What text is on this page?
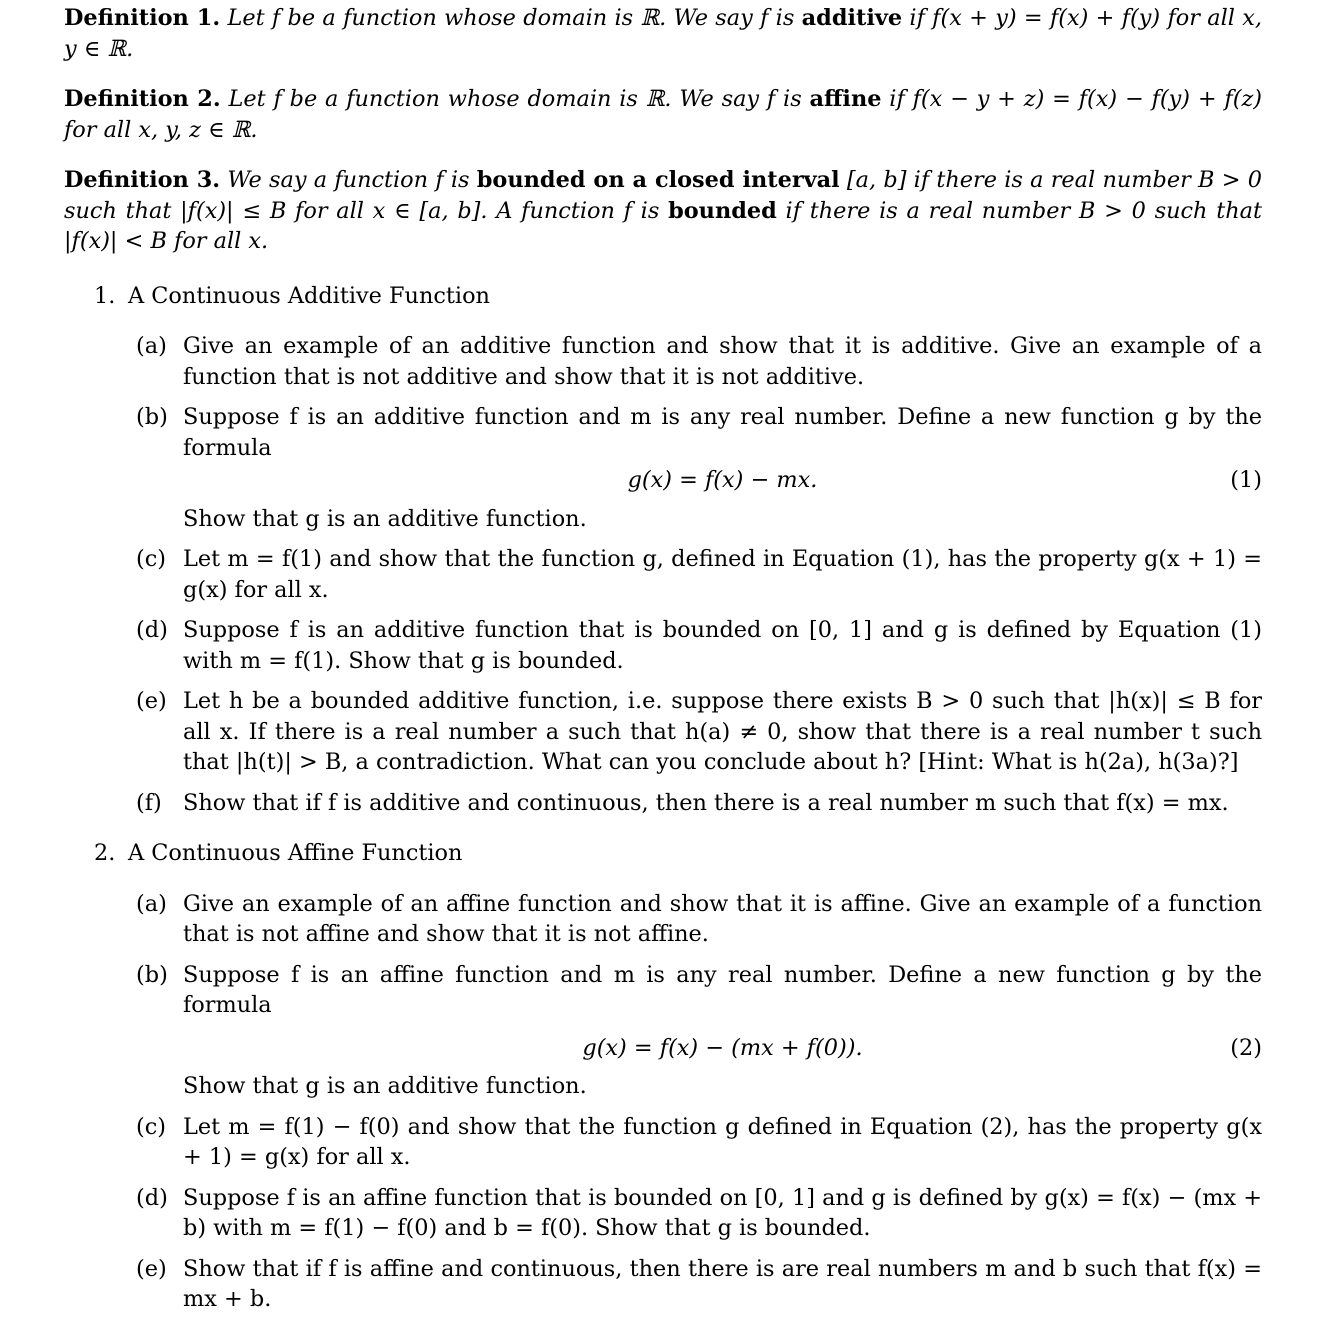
Definition 1. Let f be a function whose domain is ℝ. We say f is additive if f(x + y) = f(x) + f(y) for all x, y ∈ ℝ.

Definition 2. Let f be a function whose domain is ℝ. We say f is affine if f(x − y + z) = f(x) − f(y) + f(z) for all x, y, z ∈ ℝ.

Definition 3. We say a function f is bounded on a closed interval [a, b] if there is a real number B > 0 such that |f(x)| ≤ B for all x ∈ [a, b]. A function f is bounded if there is a real number B > 0 such that |f(x)| < B for all x.

1. A Continuous Additive Function
(a) Give an example of an additive function and show that it is additive. Give an example of a function that is not additive and show that it is not additive.
(b) Suppose f is an additive function and m is any real number. Define a new function g by the formula
g(x) = f(x) − mx.	(1)
Show that g is an additive function.
(c) Let m = f(1) and show that the function g, defined in Equation (1), has the property g(x + 1) = g(x) for all x.
(d) Suppose f is an additive function that is bounded on [0, 1] and g is defined by Equation (1) with m = f(1). Show that g is bounded.
(e) Let h be a bounded additive function, i.e. suppose there exists B > 0 such that |h(x)| ≤ B for all x. If there is a real number a such that h(a) ≠ 0, show that there is a real number t such that |h(t)| > B, a contradiction. What can you conclude about h? [Hint: What is h(2a), h(3a)?]
(f) Show that if f is additive and continuous, then there is a real number m such that f(x) = mx.
2. A Continuous Affine Function
(a) Give an example of an affine function and show that it is affine. Give an example of a function that is not affine and show that it is not affine.
(b) Suppose f is an affine function and m is any real number. Define a new function g by the formula
g(x) = f(x) − (mx + f(0)).	(2)
Show that g is an additive function.
(c) Let m = f(1) − f(0) and show that the function g defined in Equation (2), has the property g(x + 1) = g(x) for all x.
(d) Suppose f is an affine function that is bounded on [0, 1] and g is defined by g(x) = f(x) − (mx + b) with m = f(1) − f(0) and b = f(0). Show that g is bounded.
(e) Show that if f is affine and continuous, then there is are real numbers m and b such that f(x) = mx + b.
